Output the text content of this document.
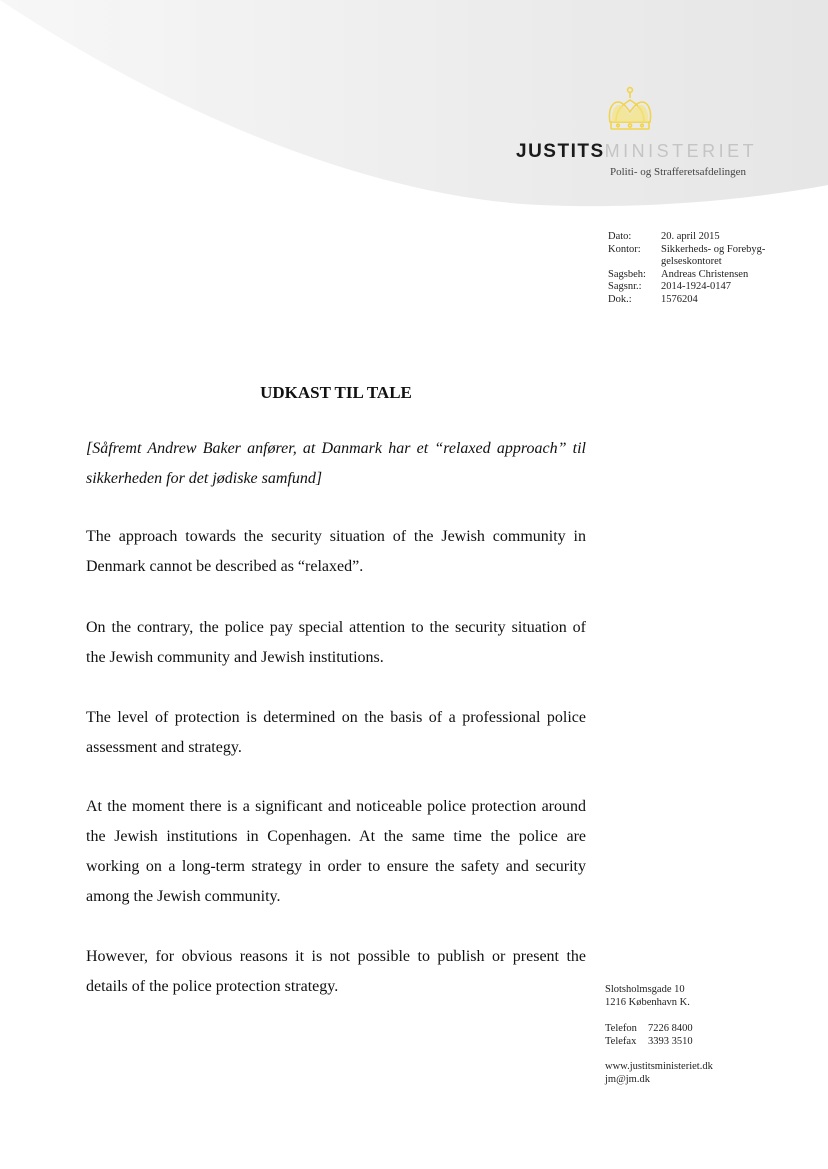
JUSTITSMINISTERIET
Politi- og Strafferetsafdelingen
Dato:	20. april 2015
Kontor:	Sikkerheds- og Forebyg-gelseskontoret
Sagsbeh:	Andreas Christensen
Sagsnr.:	2014-1924-0147
Dok.:	1576204
UDKAST TIL TALE
[Såfremt Andrew Baker anfører, at Danmark har et “relaxed approach” til sikkerheden for det jødiske samfund]
The approach towards the security situation of the Jewish community in Denmark cannot be described as “relaxed”.
On the contrary, the police pay special attention to the security situation of the Jewish community and Jewish institutions.
The level of protection is determined on the basis of a professional police assessment and strategy.
At the moment there is a significant and noticeable police protection around the Jewish institutions in Copenhagen. At the same time the police are working on a long-term strategy in order to ensure the safety and security among the Jewish community.
However, for obvious reasons it is not possible to publish or present the details of the police protection strategy.	Slotsholmsgade 10
1216 København K.
Telefon 7226 8400
Telefax 3393 3510
www.justitsministeriet.dk
jm@jm.dk
